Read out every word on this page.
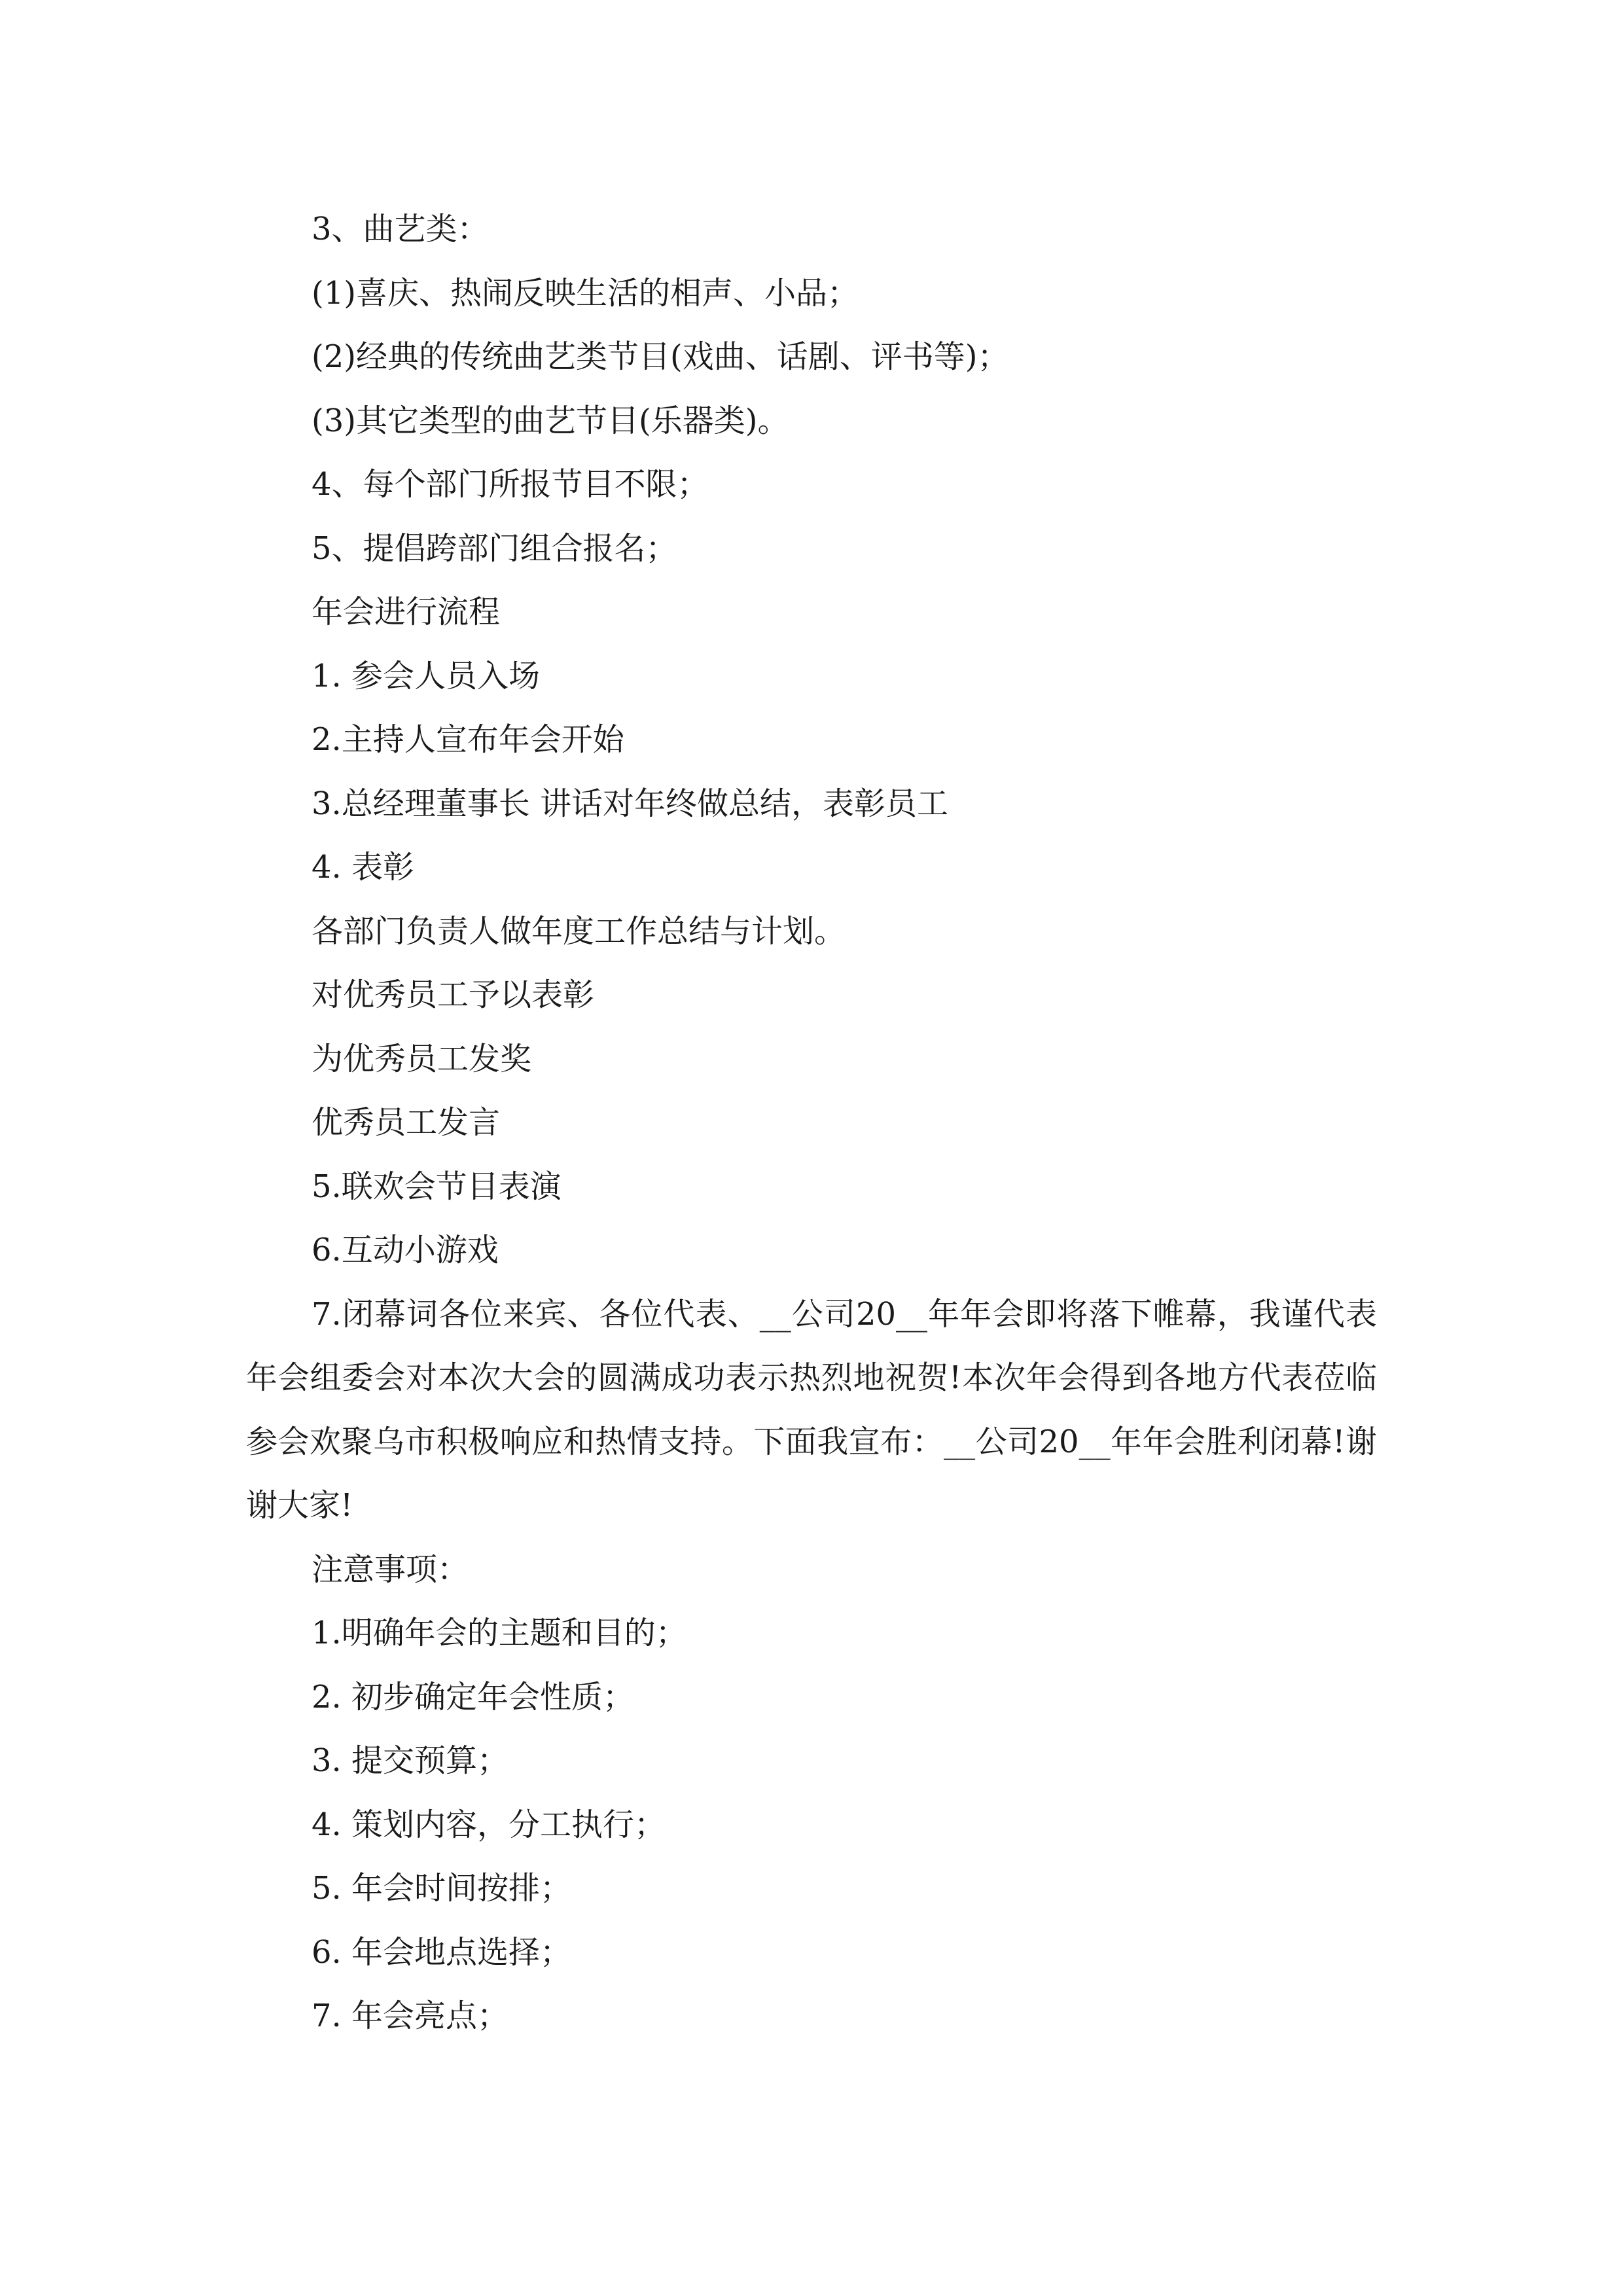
3、曲艺类：
(1)喜庆、热闹反映生活的相声、小品；
(2)经典的传统曲艺类节目(戏曲、话剧、评书等)；
(3)其它类型的曲艺节目(乐器类)。
4、每个部门所报节目不限；
5、提倡跨部门组合报名；
年会进行流程
1. 参会人员入场
2.主持人宣布年会开始
3.总经理董事长 讲话对年终做总结，表彰员工
4. 表彰
各部门负责人做年度工作总结与计划。
对优秀员工予以表彰
为优秀员工发奖
优秀员工发言
5.联欢会节目表演
6.互动小游戏
7.闭幕词各位来宾、各位代表、__公司20__年年会即将落下帷幕，我谨代表年会组委会对本次大会的圆满成功表示热烈地祝贺!本次年会得到各地方代表莅临参会欢聚乌市积极响应和热情支持。下面我宣布：__公司20__年年会胜利闭幕!谢谢大家!
注意事项：
1.明确年会的主题和目的；
2. 初步确定年会性质；
3. 提交预算；
4. 策划内容，分工执行；
5. 年会时间按排；
6. 年会地点选择；
7. 年会亮点；
